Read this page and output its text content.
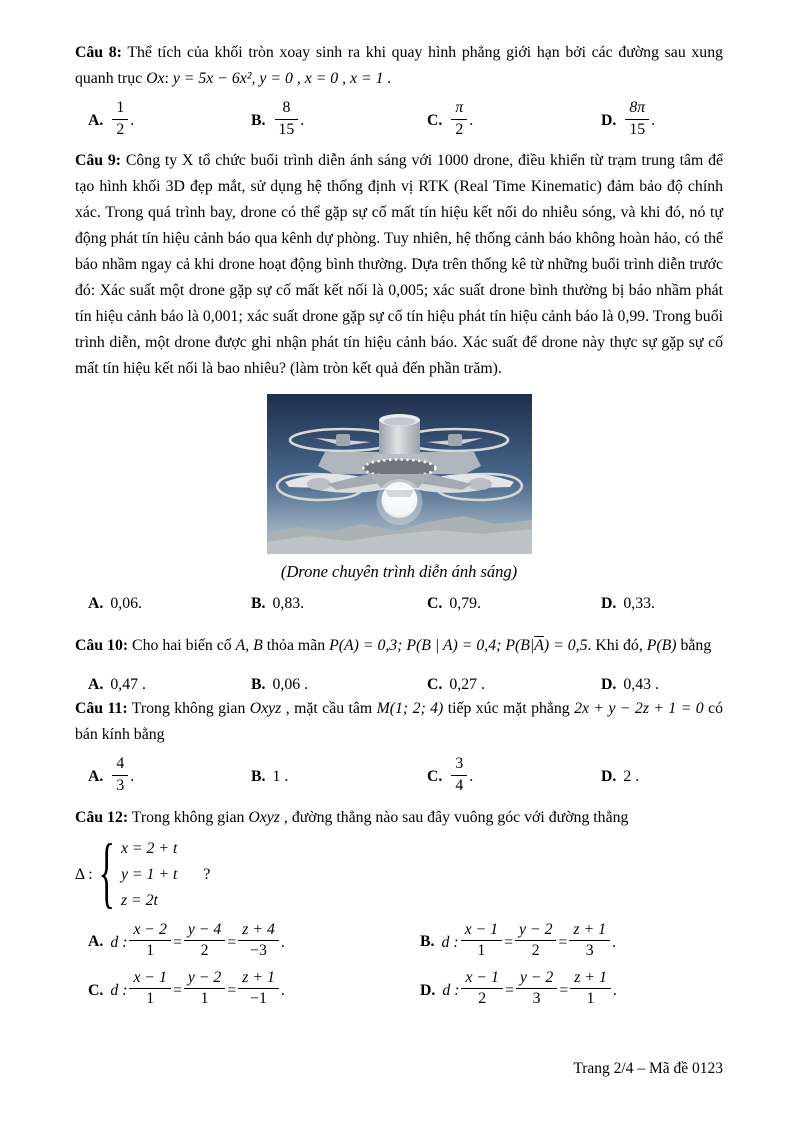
Câu 8: Thể tích của khối tròn xoay sinh ra khi quay hình phẳng giới hạn bởi các đường sau xung quanh trục Ox: y = 5x − 6x², y = 0 , x = 0 , x = 1 .

A. $\frac{1}{2}$ .	B. $\frac{8}{15}$ .	C. $\frac{\pi}{2}$ .	D. $\frac{8\pi}{15}$ .

Câu 9: Công ty X tổ chức buổi trình diễn ánh sáng với 1000 drone, điều khiển từ trạm trung tâm để tạo hình khối 3D đẹp mắt, sử dụng hệ thống định vị RTK (Real Time Kinematic) đảm bảo độ chính xác. Trong quá trình bay, drone có thể gặp sự cố mất tín hiệu kết nối do nhiễu sóng, và khi đó, nó tự động phát tín hiệu cảnh báo qua kênh dự phòng. Tuy nhiên, hệ thống cảnh báo không hoàn hảo, có thể báo nhầm ngay cả khi drone hoạt động bình thường. Dựa trên thống kê từ những buổi trình diễn trước đó: Xác suất một drone gặp sự cố mất kết nối là 0,005; xác suất drone bình thường bị báo nhầm phát tín hiệu cảnh báo là 0,001; xác suất drone gặp sự cố tín hiệu phát tín hiệu cảnh báo là 0,99. Trong buổi trình diễn, một drone được ghi nhận phát tín hiệu cảnh báo. Xác suất để drone này thực sự gặp sự cố mất tín hiệu kết nối là bao nhiêu? (làm tròn kết quả đến phần trăm).

(Drone chuyên trình diễn ánh sáng)
A. 0,06.	B. 0,83.	C. 0,79.	D. 0,33.

Câu 10: Cho hai biến cố A, B thỏa mãn P(A) = 0,3; P(B | A) = 0,4; $P(B|\overline{A}) = 0,5$. Khi đó, P(B) bằng

A. 0,47 .	B. 0,06 .	C. 0,27 .	D. 0,43 .

Câu 11: Trong không gian Oxyz , mặt cầu tâm M(1; 2; 4) tiếp xúc mặt phẳng 2x + y − 2z + 1 = 0 có bán kính bằng

A. $\frac{4}{3}$ .	B. 1 .	C. $\frac{3}{4}$ .	D. 2 .

Câu 12: Trong không gian Oxyz , đường thẳng nào sau đây vuông góc với đường thẳng

Δ : { x = 2 + t
y = 1 + t
z = 2t
?
A. d : $\frac{x - 2}{1} = \frac{y - 4}{2} = \frac{z + 4}{-3}$ .	B. d : $\frac{x - 1}{1} = \frac{y - 2}{2} = \frac{z + 1}{3}$ .
C. d : $\frac{x - 1}{1} = \frac{y - 2}{1} = \frac{z + 1}{-1}$ .	D. d : $\frac{x - 1}{2} = \frac{y - 2}{3} = \frac{z + 1}{1}$ .
Trang 2/4 – Mã đề 0123
